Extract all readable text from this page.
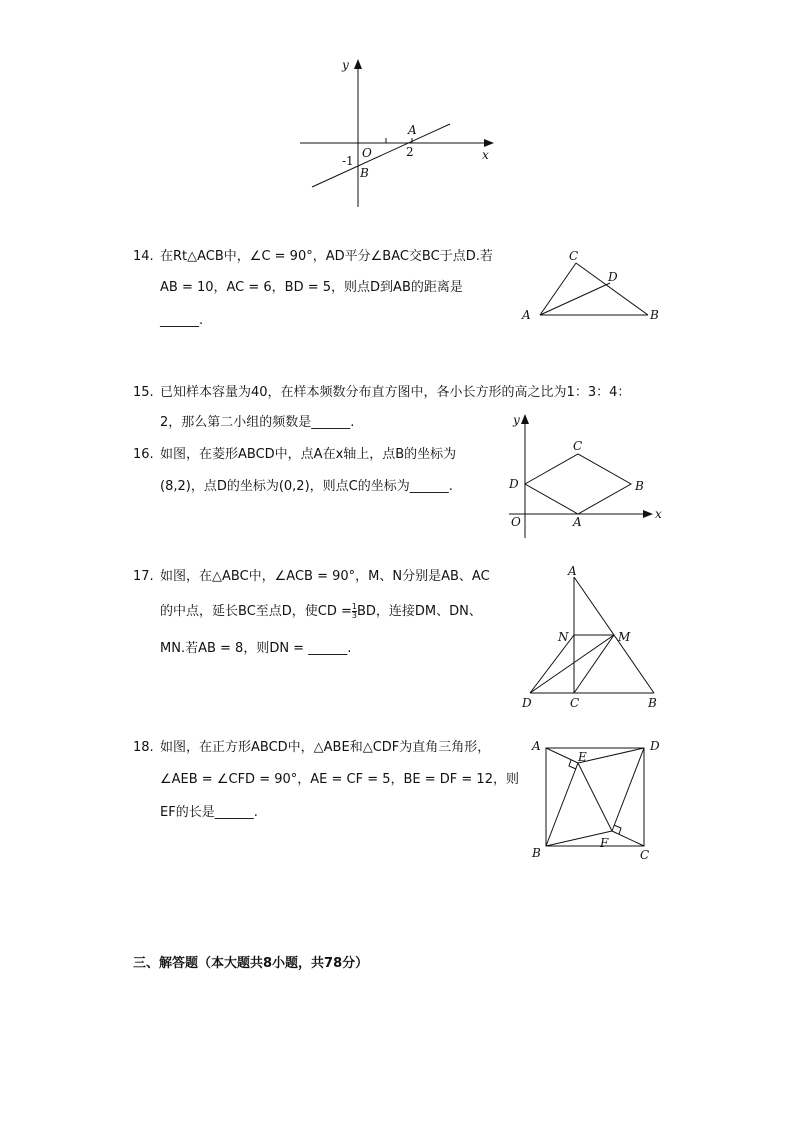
y
x
A
O	2
-1
B
14. 在Rt△ACB中，∠C = 90°，AD平分∠BAC交BC于点D.若
AB = 10，AC = 6，BD = 5，则点D到AB的距离是
______.
C
D
A	B
15. 已知样本容量为40，在样本频数分布直方图中，各小长方形的高之比为1：3：4：
2，那么第二小组的频数是______.
16. 如图，在菱形ABCD中，点A在x轴上，点B的坐标为
(8,2)，点D的坐标为(0,2)，则点C的坐标为______.
y
C
D	B
O	A
x
17. 如图，在△ABC中，∠ACB = 90°，M、N分别是AB、AC
的中点，延长BC至点D，使CD = $\frac{1}{3}$ BD，连接DM、DN、
MN.若AB = 8，则DN = ______.
A
N	M
D	C	B
18. 如图，在正方形ABCD中，△ABE和△CDF为直角三角形，
∠AEB = ∠CFD = 90°，AE = CF = 5，BE = DF = 12，则
EF的长是______.
A	D
E
F
B	C
三、解答题（本大题共8小题，共78分）
